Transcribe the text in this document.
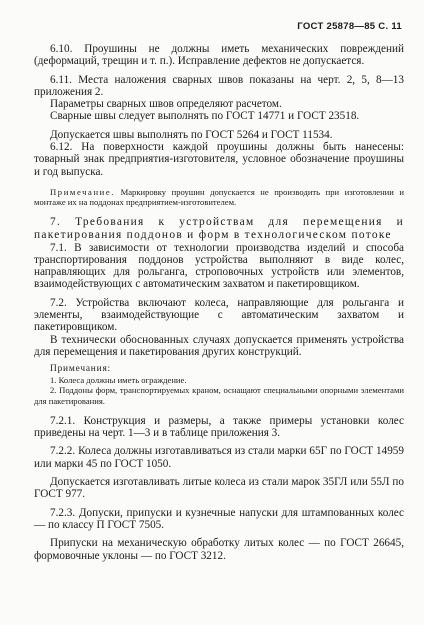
ГОСТ 25878—85 С. 11

6.10. Проушины не должны иметь механических повреждений (деформаций, трещин и т. п.). Исправление дефектов не допускается.

6.11. Места наложения сварных швов показаны на черт. 2, 5, 8—13 приложения 2.

Параметры сварных швов определяют расчетом.

Сварные швы следует выполнять по ГОСТ 14771 и ГОСТ 23518.

Допускается швы выполнять по ГОСТ 5264 и ГОСТ 11534.

6.12. На поверхности каждой проушины должны быть нанесены: товарный знак предприятия-изготовителя, условное обозначение проушины и год выпуска.

Примечание. Маркировку проушин допускается не производить при изготовлении и монтаже их на поддонах предприятием-изготовителем.

7. Требования к устройствам для перемещения и пакетирования поддонов и форм в технологическом потоке

7.1. В зависимости от технологии производства изделий и способа транспортирования поддонов устройства выполняют в виде колес, направляющих для рольганга, строповочных устройств или элементов, взаимодействующих с автоматическим захватом и пакетировщиком.

7.2. Устройства включают колеса, направляющие для рольганга и элементы, взаимодействующие с автоматическим захватом и пакетировщиком.

В технически обоснованных случаях допускается применять устройства для перемещения и пакетирования других конструкций.

Примечания:

1. Колеса должны иметь ограждение.

2. Поддоны форм, транспортируемых краном, оснащают специальными опорными элементами для пакетирования.

7.2.1. Конструкция и размеры, а также примеры установки колес приведены на черт. 1—3 и в таблице приложения 3.

7.2.2. Колеса должны изготавливаться из стали марки 65Г по ГОСТ 14959 или марки 45 по ГОСТ 1050.

Допускается изготавливать литые колеса из стали марок 35ГЛ или 55Л по ГОСТ 977.

7.2.3. Допуски, припуски и кузнечные напуски для штампованных колес — по классу П ГОСТ 7505.

Припуски на механическую обработку литых колес — по ГОСТ 26645, формовочные уклоны — по ГОСТ 3212.
